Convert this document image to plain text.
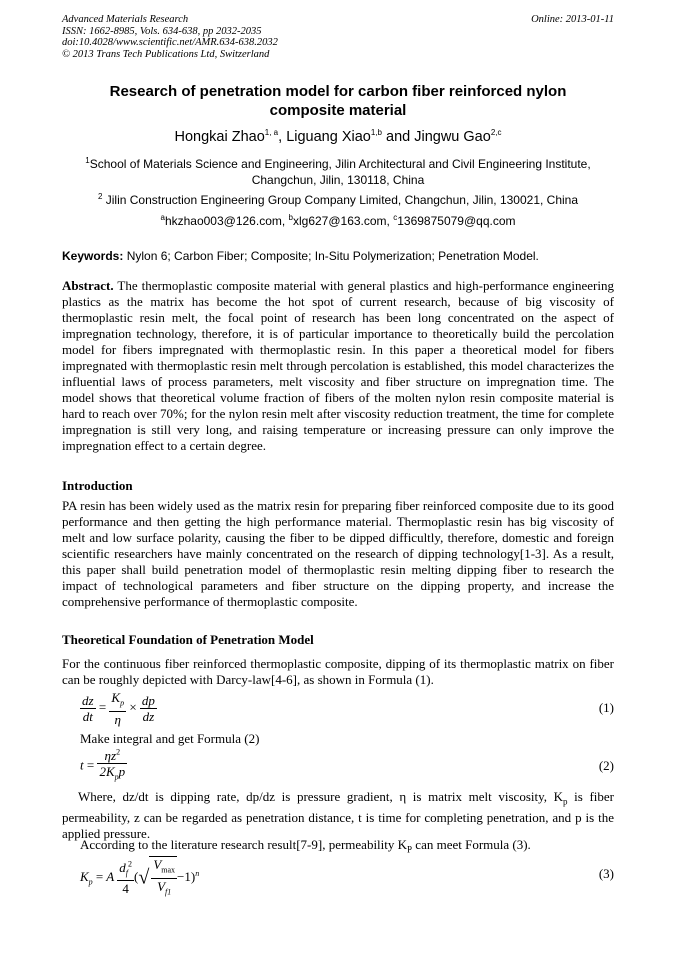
Advanced Materials Research
ISSN: 1662-8985, Vols. 634-638, pp 2032-2035
doi:10.4028/www.scientific.net/AMR.634-638.2032
© 2013 Trans Tech Publications Ltd, Switzerland
Online: 2013-01-11
Research of penetration model for carbon fiber reinforced nylon
composite material
Hongkai Zhao$^{1, a}$, Liguang Xiao$^{1,b}$ and Jingwu Gao$^{2,c}$
$^1$School of Materials Science and Engineering, Jilin Architectural and Civil Engineering Institute,
Changchun, Jilin, 130118, China
$^2$ Jilin Construction Engineering Group Company Limited, Changchun, Jilin, 130021, China
$^a$hkzhao003@126.com, $^b$xlg627@163.com, $^c$1369875079@qq.com
Keywords: Nylon 6; Carbon Fiber; Composite; In-Situ Polymerization; Penetration Model.
Abstract. The thermoplastic composite material with general plastics and high-performance engineering plastics as the matrix has become the hot spot of current research, because of big viscosity of thermoplastic resin melt, the focal point of research has been long concentrated on the aspect of impregnation technology, therefore, it is of particular importance to theoretically build the percolation model for fibers impregnated with thermoplastic resin. In this paper a theoretical model for fibers impregnated with thermoplastic resin melt through percolation is established, this model characterizes the influential laws of process parameters, melt viscosity and fiber structure on impregnation time. The model shows that theoretical volume fraction of fibers of the molten nylon resin composite material is hard to reach over 70%; for the nylon resin melt after viscosity reduction treatment, the time for complete impregnation is still very long, and raising temperature or increasing pressure can only improve the impregnation effect to a certain degree.
Introduction
PA resin has been widely used as the matrix resin for preparing fiber reinforced composite due to its good performance and then getting the high performance material. Thermoplastic resin has big viscosity of melt and low surface polarity, causing the fiber to be dipped difficultly, therefore, domestic and foreign scientific researchers have mainly concentrated on the research of dipping technology[1-3]. As a result, this paper shall build penetration model of thermoplastic resin melting dipping fiber to research the impact of technological parameters and fiber structure on the dipping property, and increase the comprehensive performance of thermoplastic composite.
Theoretical Foundation of Penetration Model
For the continuous fiber reinforced thermoplastic composite, dipping of its thermoplastic matrix on fiber can be roughly depicted with Darcy-law[4-6], as shown in Formula (1).
$\frac{dz}{dt} = \frac{K_p}{\eta} \times \frac{dp}{dz}$	(1)
Make integral and get Formula (2)
$t = \frac{\eta z^2}{2K_pp}$	(2)
Where, dz/dt is dipping rate, dp/dz is pressure gradient, η is matrix melt viscosity, $K_p$ is fiber permeability, z can be regarded as penetration distance, t is time for completing penetration, and p is the applied pressure.
According to the literature research result[7-9], permeability $K_P$ can meet Formula (3).
$K_p = A \frac{d_f^2}{4}$ (√ $\frac{V_{max}}{V_{f1}} -1)^n$	(3)
